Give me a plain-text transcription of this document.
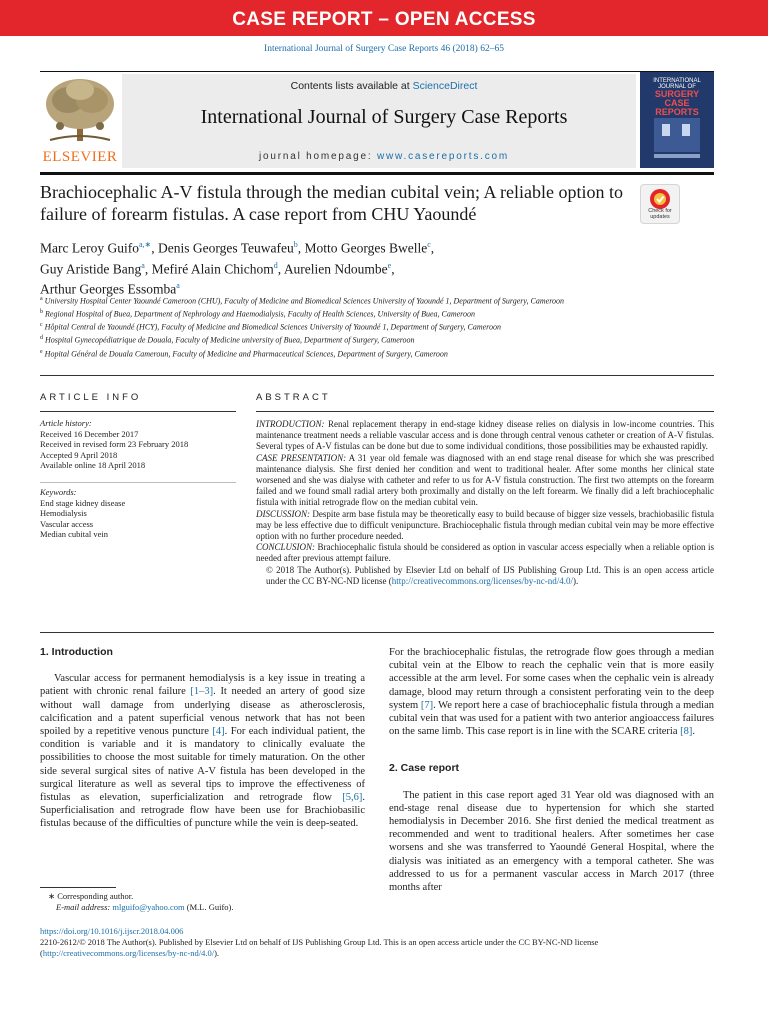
CASE REPORT – OPEN ACCESS
International Journal of Surgery Case Reports 46 (2018) 62–65
ELSEVIER
Contents lists available at ScienceDirect
International Journal of Surgery Case Reports
journal homepage: www.casereports.com
INTERNATIONAL JOURNAL OF
SURGERY CASE REPORTS
Brachiocephalic A-V fistula through the median cubital vein; A reliable option to failure of forearm fistulas. A case report from CHU Yaoundé	Check for updates
Marc Leroy Guifo$^{a,∗}$, Denis Georges Teuwafeu$^b$, Motto Georges Bwelle$^c$,
Guy Aristide Bang$^a$, Mefiré Alain Chichom$^d$, Aurelien Ndoumbe$^e$,
Arthur Georges Essomba$^a$
$^a$ University Hospital Center Yaoundé Cameroon (CHU), Faculty of Medicine and Biomedical Sciences University of Yaoundé 1, Department of Surgery, Cameroon
$^b$ Regional Hospital of Buea, Department of Nephrology and Haemodialysis, Faculty of Health Sciences, University of Buea, Cameroon
$^c$ Hôpital Central de Yaoundé (HCY), Faculty of Medicine and Biomedical Sciences University of Yaoundé 1, Department of Surgery, Cameroon
$^d$ Hospital Gynecopédiatrique de Douala, Faculty of Medicine university of Buea, Department of Surgery, Cameroon
$^e$ Hopital Général de Douala Cameroun, Faculty of Medicine and Pharmaceutical Sciences, Department of Surgery, Cameroon
ARTICLE INFO
Article history:
Received 16 December 2017
Received in revised form 23 February 2018
Accepted 9 April 2018
Available online 18 April 2018
Keywords:
End stage kidney disease
Hemodialysis
Vascular access
Median cubital vein
ABSTRACT

INTRODUCTION: Renal replacement therapy in end-stage kidney disease relies on dialysis in low-income countries. This maintenance treatment needs a reliable vascular access and is done through central venous catheter or creation of A-V fistulas. Several types of A-V fistulas can be done but due to some individual conditions, those possibilities may be exhausted rapidly.

CASE PRESENTATION: A 31 year old female was diagnosed with an end stage renal disease for which she was prescribed maintenance dialysis. She first denied her condition and went to traditional healer. After some months her clinical state worsened and she was dialyse with catheter and refer to us for A-V fistula construction. The first two attempts on the forearm failed and we found small radial artery both proximally and distally on the left forearm. We finally did a left brachiocephalic fistula with initial retrograde flow on the median cubital vein.

DISCUSSION: Despite arm base fistula may be theoretically easy to build because of bigger size vessels, brachiobasilic fistula may be less effective due to difficult venipuncture. Brachiocephalic fistula through median cubital vein may be more effective option with no further procedure needed.

CONCLUSION: Brachiocephalic fistula should be considered as option in vascular access especially when a reliable option is needed after previous attempt failure.

© 2018 The Author(s). Published by Elsevier Ltd on behalf of IJS Publishing Group Ltd. This is an open access article under the CC BY-NC-ND license (http://creativecommons.org/licenses/by-nc-nd/4.0/).

1. Introduction

Vascular access for permanent hemodialysis is a key issue in treating a patient with chronic renal failure [1–3]. It needed an artery of good size without wall damage from underlying disease as atherosclerosis, calcification and a patent superficial venous network that has not been spoiled by a repetitive venous puncture [4]. For each individual patient, the condition is variable and it is mandatory to clinically evaluate the possibilities to choose the most suitable for timely maturation. On the other side several surgical sites of native A-V fistula has been developed in the surgical literature as well as several tips to improve the effectiveness of fistulas as elevation, superficialization and retrograde flow [5,6]. Superficialisation and retrograde flow have been use for Brachiobasilic fistulas because of the difficulties of puncture while the vein is deep-seated.

For the brachiocephalic fistulas, the retrograde flow goes through a median cubital vein at the Elbow to reach the cephalic vein that is more easily accessible at the arm level. For some cases when the cephalic vein is already damage, blood may return through a consistent perforating vein to the deep system [7]. We report here a case of brachiocephalic fistula through a median cubital vein that was used for a patient with two anterior angioaccess failures on the same limb. This case report is in line with the SCARE criteria [8].

2. Case report

The patient in this case report aged 31 Year old was diagnosed with an end-stage renal disease due to hypertension for which she started hemodialysis in December 2016. She first denied the medical treatment as recommended and went to traditional healers. After sometimes her case worsens and she was transferred to Yaoundé General Hospital, where the dialysis was initiated as an emergency with a temporal catheter. She was addressed to us for a permanent vascular access in March 2017 (three months after

∗ Corresponding author.
E-mail address: mlguifo@yahoo.com (M.L. Guifo).
https://doi.org/10.1016/j.ijscr.2018.04.006
2210-2612/© 2018 The Author(s). Published by Elsevier Ltd on behalf of IJS Publishing Group Ltd. This is an open access article under the CC BY-NC-ND license (http://creativecommons.org/licenses/by-nc-nd/4.0/).
